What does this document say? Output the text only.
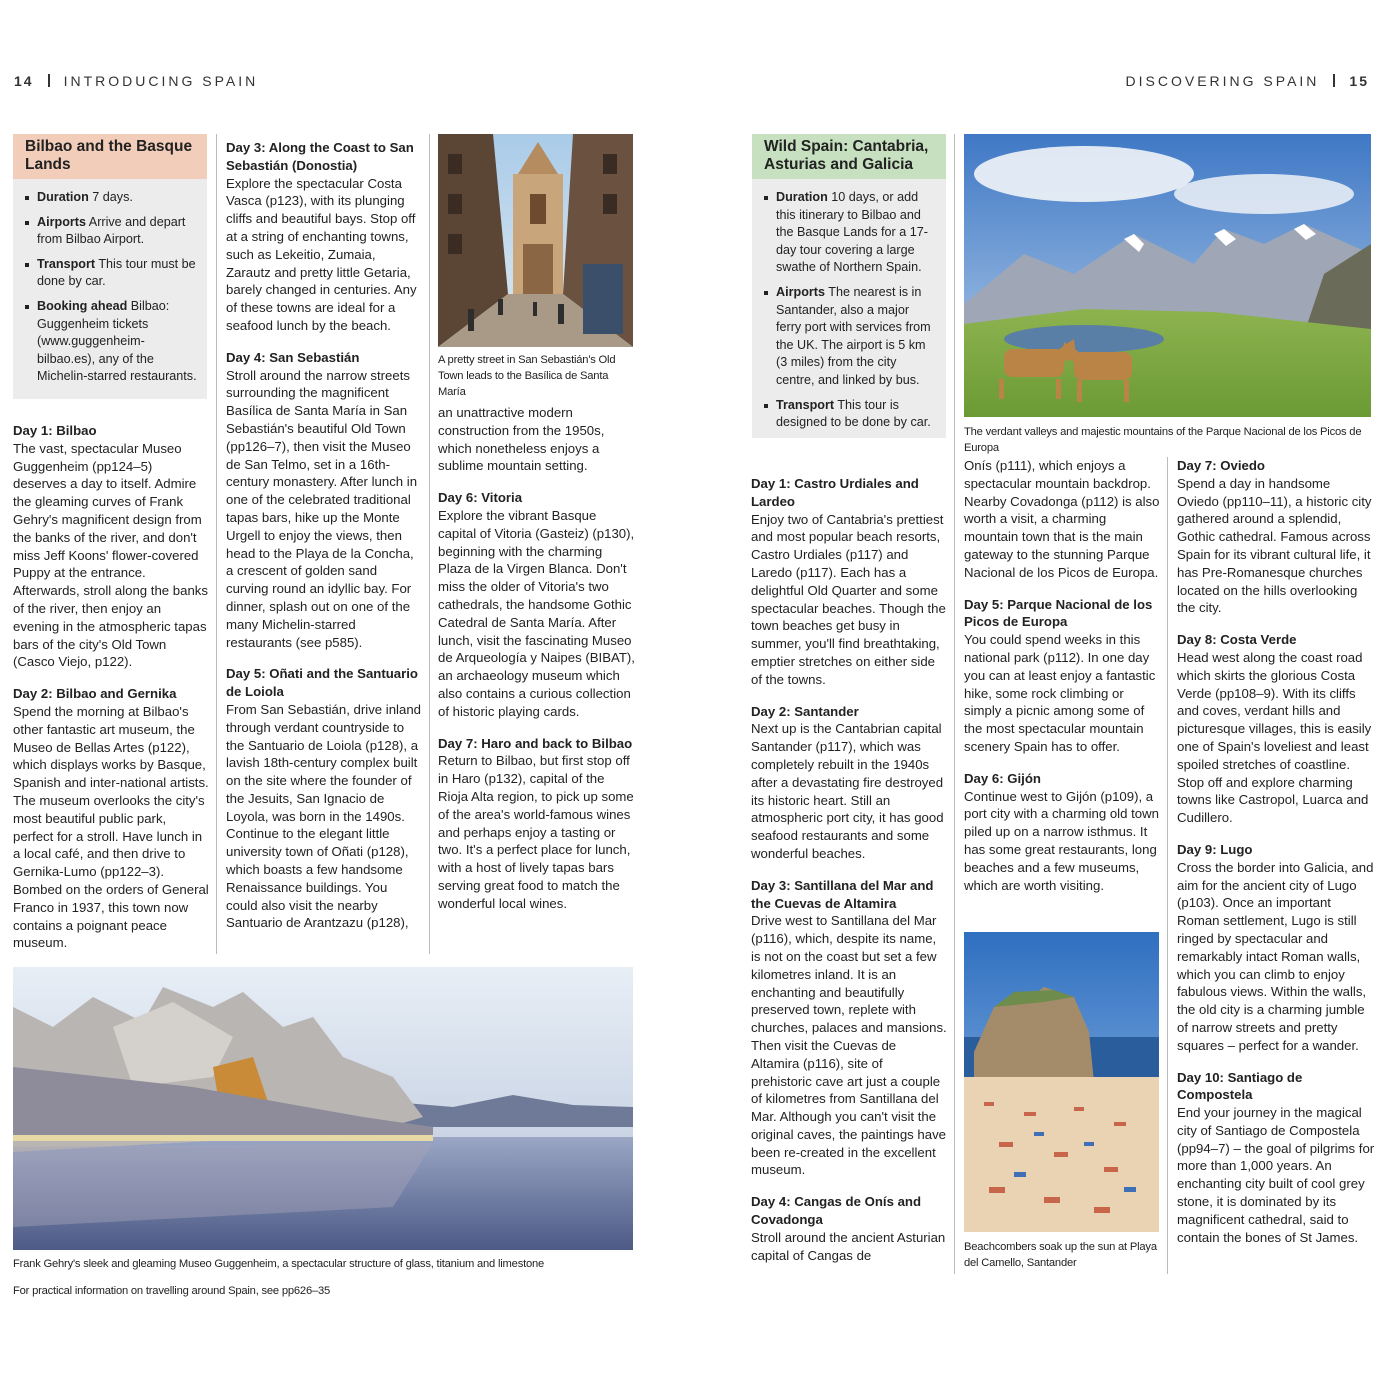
14 INTRODUCING SPAIN	DISCOVERING SPAIN 15
Bilbao and the Basque Lands
Duration 7 days.
Airports Arrive and depart from Bilbao Airport.
Transport This tour must be done by car.
Booking ahead Bilbao: Guggenheim tickets (www.guggenheim-bilbao.es), any of the Michelin-starred restaurants.

Day 1: Bilbao
The vast, spectacular Museo Guggenheim (pp124–5) deserves a day to itself. Admire the gleaming curves of Frank Gehry's magnificent design from the banks of the river, and don't miss Jeff Koons' flower-covered Puppy at the entrance. Afterwards, stroll along the banks of the river, then enjoy an evening in the atmospheric tapas bars of the city's Old Town (Casco Viejo, p122).

Day 2: Bilbao and Gernika
Spend the morning at Bilbao's other fantastic art museum, the Museo de Bellas Artes (p122), which displays works by Basque, Spanish and inter-national artists. The museum overlooks the city's most beautiful public park, perfect for a stroll. Have lunch in a local café, and then drive to Gernika-Lumo (pp122–3). Bombed on the orders of General Franco in 1937, this town now contains a poignant peace museum.

Day 3: Along the Coast to San Sebastián (Donostia)
Explore the spectacular Costa Vasca (p123), with its plunging cliffs and beautiful bays. Stop off at a string of enchanting towns, such as Lekeitio, Zumaia, Zarautz and pretty little Getaria, barely changed in centuries. Any of these towns are ideal for a seafood lunch by the beach.

Day 4: San Sebastián
Stroll around the narrow streets surrounding the magnificent Basílica de Santa María in San Sebastián's beautiful Old Town (pp126–7), then visit the Museo de San Telmo, set in a 16th-century monastery. After lunch in one of the celebrated traditional tapas bars, hike up the Monte Urgell to enjoy the views, then head to the Playa de la Concha, a crescent of golden sand curving round an idyllic bay. For dinner, splash out on one of the many Michelin-starred restaurants (see p585).

Day 5: Oñati and the Santuario de Loiola
From San Sebastián, drive inland through verdant countryside to the Santuario de Loiola (p128), a lavish 18th-century complex built on the site where the founder of the Jesuits, San Ignacio de Loyola, was born in the 1490s. Continue to the elegant little university town of Oñati (p128), which boasts a few handsome Renaissance buildings. You could also visit the nearby Santuario de Arantzazu (p128),

A pretty street in San Sebastián's Old Town leads to the Basílica de Santa María

an unattractive modern construction from the 1950s, which nonetheless enjoys a sublime mountain setting.

Day 6: Vitoria
Explore the vibrant Basque capital of Vitoria (Gasteiz) (p130), beginning with the charming Plaza de la Virgen Blanca. Don't miss the older of Vitoria's two cathedrals, the handsome Gothic Catedral de Santa María. After lunch, visit the fascinating Museo de Arqueología y Naipes (BIBAT), an archaeology museum which also contains a curious collection of historic playing cards.

Day 7: Haro and back to Bilbao
Return to Bilbao, but first stop off in Haro (p132), capital of the Rioja Alta region, to pick up some of the area's world-famous wines and perhaps enjoy a tasting or two. It's a perfect place for lunch, with a host of lively tapas bars serving great food to match the wonderful local wines.

Frank Gehry's sleek and gleaming Museo Guggenheim, a spectacular structure of glass, titanium and limestone
For practical information on travelling around Spain, see pp626–35
Wild Spain: Cantabria, Asturias and Galicia
Duration 10 days, or add this itinerary to Bilbao and the Basque Lands for a 17-day tour covering a large swathe of Northern Spain.
Airports The nearest is in Santander, also a major ferry port with services from the UK. The airport is 5 km (3 miles) from the city centre, and linked by bus.
Transport This tour is designed to be done by car.

Day 1: Castro Urdiales and Lardeo
Enjoy two of Cantabria's prettiest and most popular beach resorts, Castro Urdiales (p117) and Laredo (p117). Each has a delightful Old Quarter and some spectacular beaches. Though the town beaches get busy in summer, you'll find breathtaking, emptier stretches on either side of the towns.

Day 2: Santander
Next up is the Cantabrian capital Santander (p117), which was completely rebuilt in the 1940s after a devastating fire destroyed its historic heart. Still an atmospheric port city, it has good seafood restaurants and some wonderful beaches.

Day 3: Santillana del Mar and the Cuevas de Altamira
Drive west to Santillana del Mar (p116), which, despite its name, is not on the coast but set a few kilometres inland. It is an enchanting and beautifully preserved town, replete with churches, palaces and mansions. Then visit the Cuevas de Altamira (p116), site of prehistoric cave art just a couple of kilometres from Santillana del Mar. Although you can't visit the original caves, the paintings have been re-created in the excellent museum.

Day 4: Cangas de Onís and Covadonga
Stroll around the ancient Asturian capital of Cangas de

The verdant valleys and majestic mountains of the Parque Nacional de los Picos de Europa

Onís (p111), which enjoys a spectacular mountain backdrop. Nearby Covadonga (p112) is also worth a visit, a charming mountain town that is the main gateway to the stunning Parque Nacional de los Picos de Europa.

Day 5: Parque Nacional de los Picos de Europa
You could spend weeks in this national park (p112). In one day you can at least enjoy a fantastic hike, some rock climbing or simply a picnic among some of the most spectacular mountain scenery Spain has to offer.

Day 6: Gijón
Continue west to Gijón (p109), a port city with a charming old town piled up on a narrow isthmus. It has some great restaurants, long beaches and a few museums, which are worth visiting.

Beachcombers soak up the sun at Playa del Camello, Santander

Day 7: Oviedo
Spend a day in handsome Oviedo (pp110–11), a historic city gathered around a splendid, Gothic cathedral. Famous across Spain for its vibrant cultural life, it has Pre-Romanesque churches located on the hills overlooking the city.

Day 8: Costa Verde
Head west along the coast road which skirts the glorious Costa Verde (pp108–9). With its cliffs and coves, verdant hills and picturesque villages, this is easily one of Spain's loveliest and least spoiled stretches of coastline. Stop off and explore charming towns like Castropol, Luarca and Cudillero.

Day 9: Lugo
Cross the border into Galicia, and aim for the ancient city of Lugo (p103). Once an important Roman settlement, Lugo is still ringed by spectacular and remarkably intact Roman walls, which you can climb to enjoy fabulous views. Within the walls, the old city is a charming jumble of narrow streets and pretty squares – perfect for a wander.

Day 10: Santiago de Compostela
End your journey in the magical city of Santiago de Compostela (pp94–7) – the goal of pilgrims for more than 1,000 years. An enchanting city built of cool grey stone, it is dominated by its magnificent cathedral, said to contain the bones of St James.
